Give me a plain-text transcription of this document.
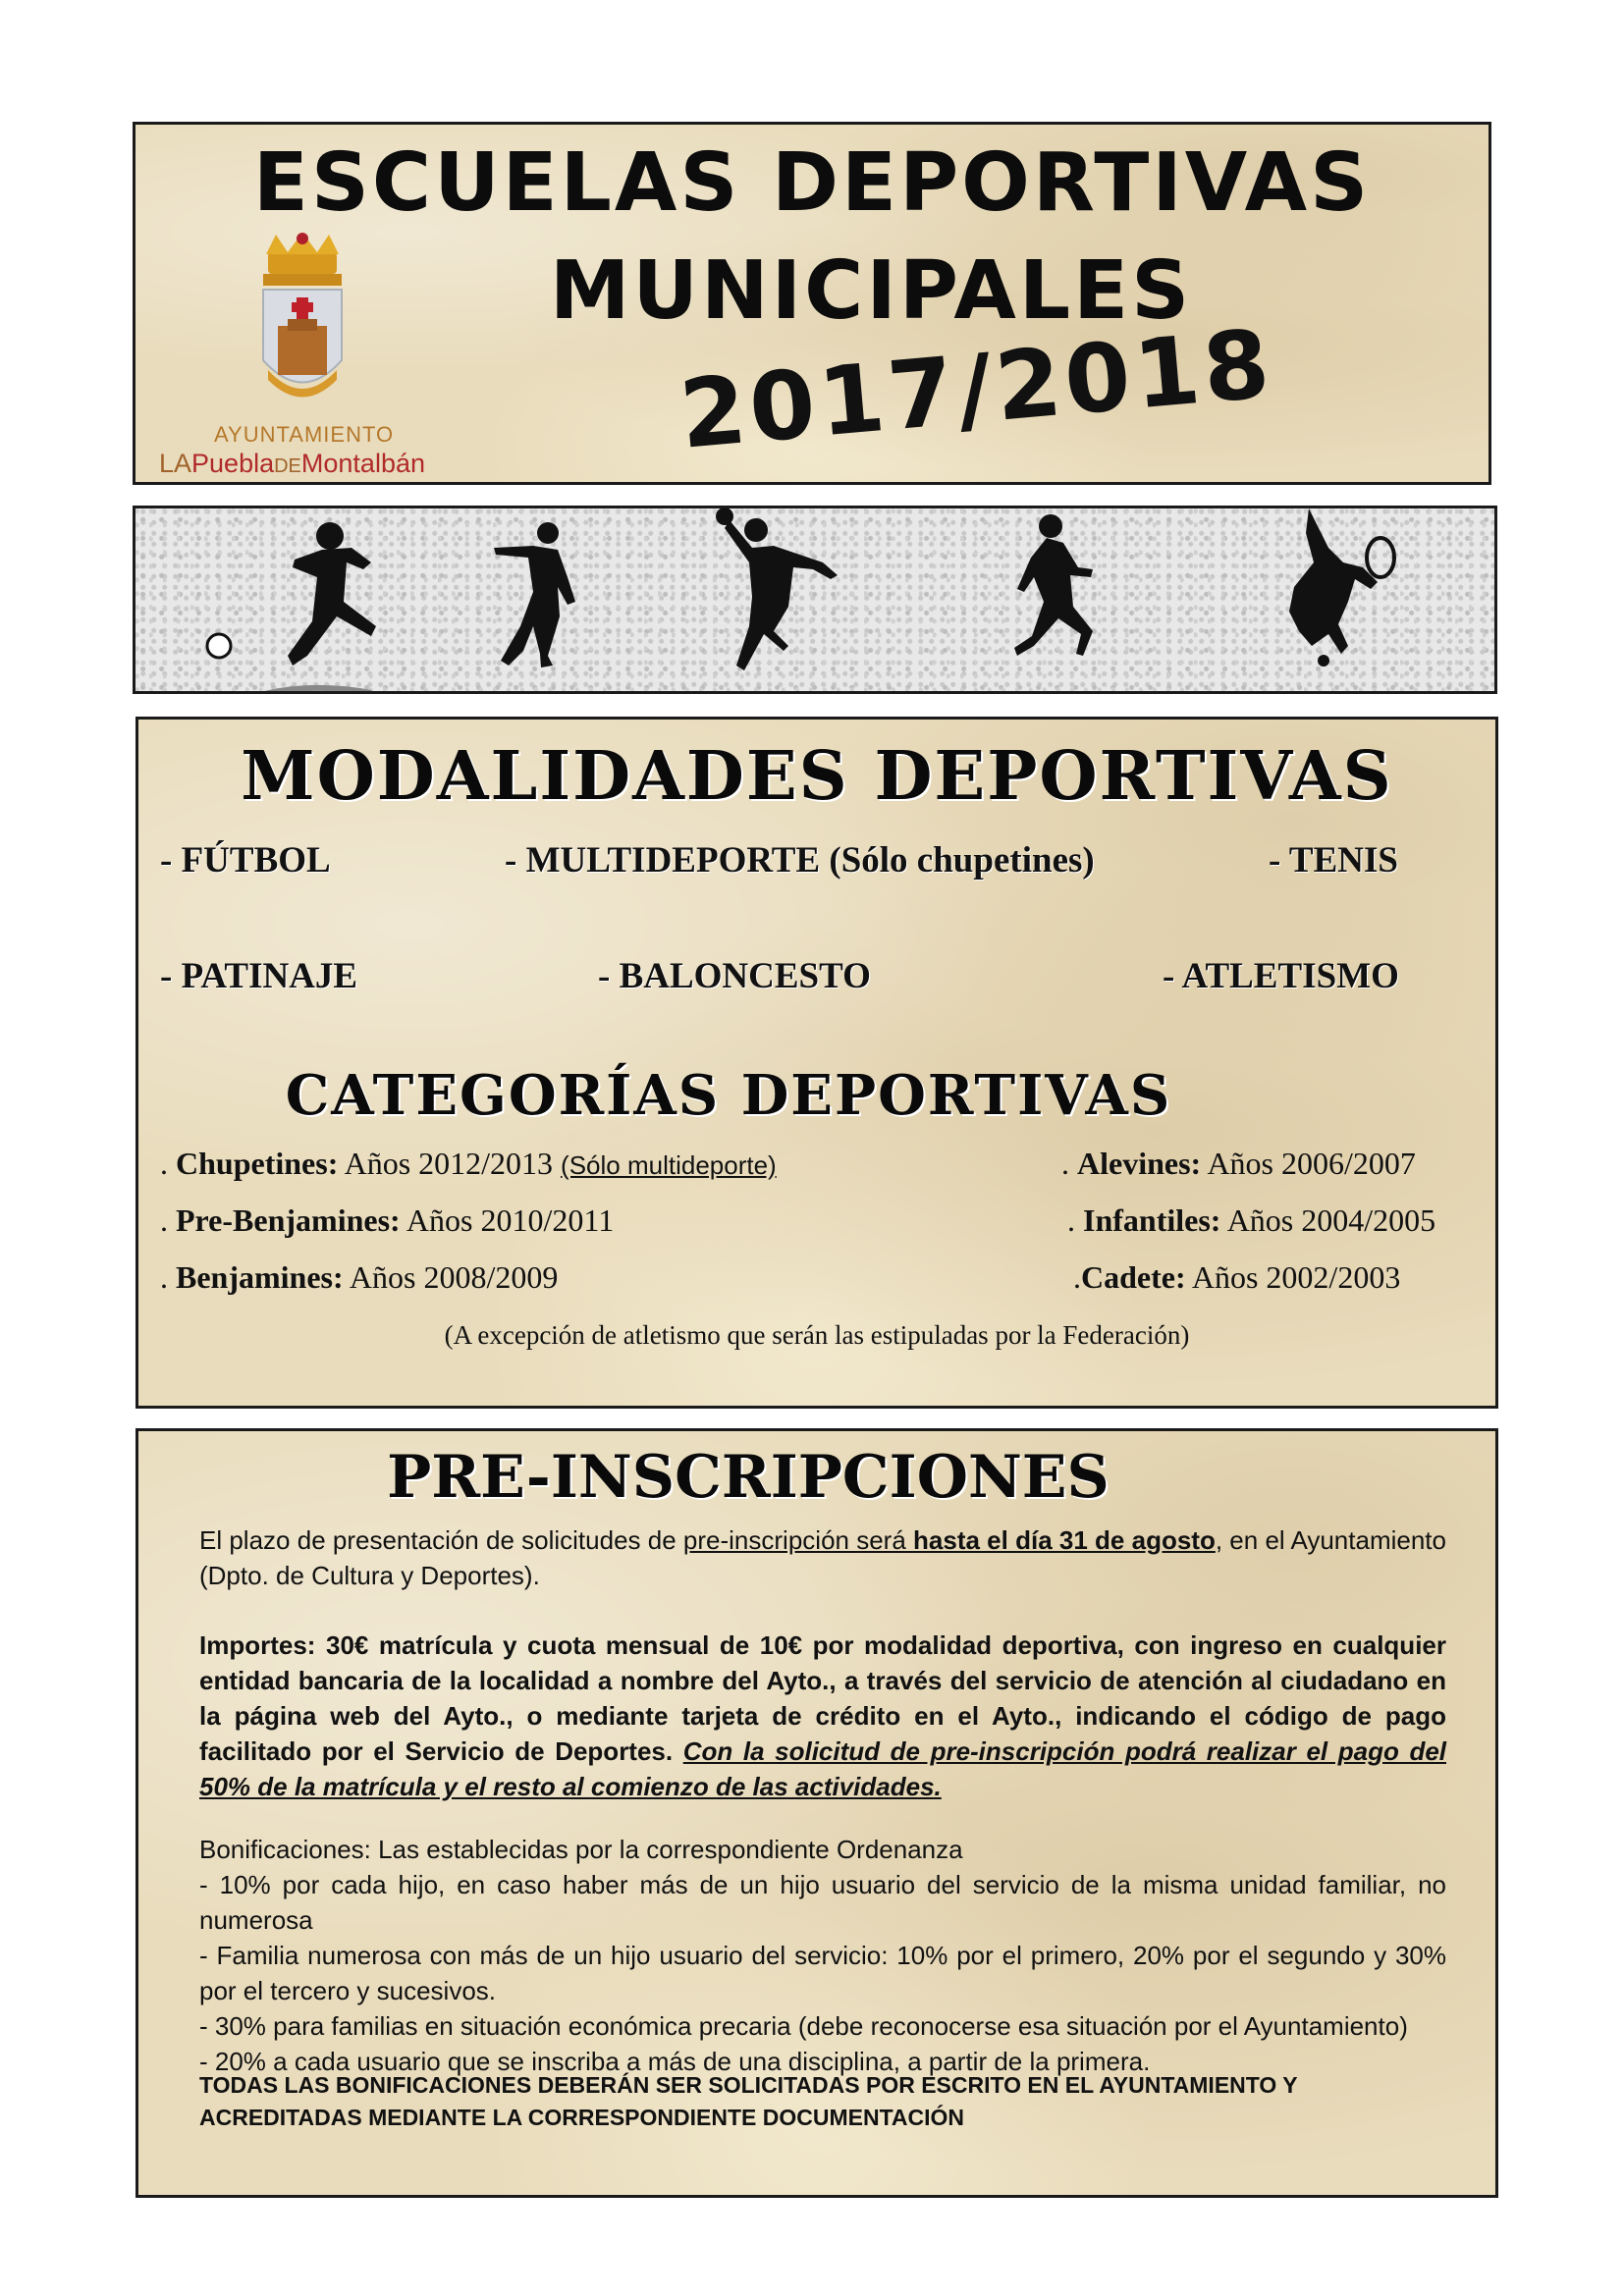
ESCUELAS DEPORTIVAS
MUNICIPALES
2017/2018
AYUNTAMIENTO
LAPueblaDEMontalbán
MODALIDADES DEPORTIVAS
- FÚTBOL	- MULTIDEPORTE (Sólo chupetines)	- TENIS
- PATINAJE	- BALONCESTO	- ATLETISMO
CATEGORÍAS DEPORTIVAS
. Chupetines: Años 2012/2013 (Sólo multideporte)	. Alevines: Años 2006/2007
. Pre-Benjamines: Años 2010/2011	. Infantiles: Años 2004/2005
. Benjamines: Años 2008/2009	.Cadete: Años 2002/2003
(A excepción de atletismo que serán las estipuladas por la Federación)
PRE-INSCRIPCIONES
El plazo de presentación de solicitudes de pre-inscripción será hasta el día 31 de agosto, en el Ayuntamiento (Dpto. de Cultura y Deportes).
Importes: 30€ matrícula y cuota mensual de 10€ por modalidad deportiva, con ingreso en cualquier entidad bancaria de la localidad a nombre del Ayto., a través del servicio de atención al ciudadano en la página web del Ayto., o mediante tarjeta de crédito en el Ayto., indicando el código de pago facilitado por el Servicio de Deportes. Con la solicitud de pre-inscripción podrá realizar el pago del 50% de la matrícula y el resto al comienzo de las actividades.
Bonificaciones: Las establecidas por la correspondiente Ordenanza
- 10% por cada hijo, en caso haber más de un hijo usuario del servicio de la misma unidad familiar, no numerosa
- Familia numerosa con más de un hijo usuario del servicio: 10% por el primero, 20% por el segundo y 30% por el tercero y sucesivos.
- 30% para familias en situación económica precaria (debe reconocerse esa situación por el Ayuntamiento)
- 20% a cada usuario que se inscriba a más de una disciplina, a partir de la primera.
TODAS LAS BONIFICACIONES DEBERÁN SER SOLICITADAS POR ESCRITO EN EL AYUNTAMIENTO Y ACREDITADAS MEDIANTE LA CORRESPONDIENTE DOCUMENTACIÓN
